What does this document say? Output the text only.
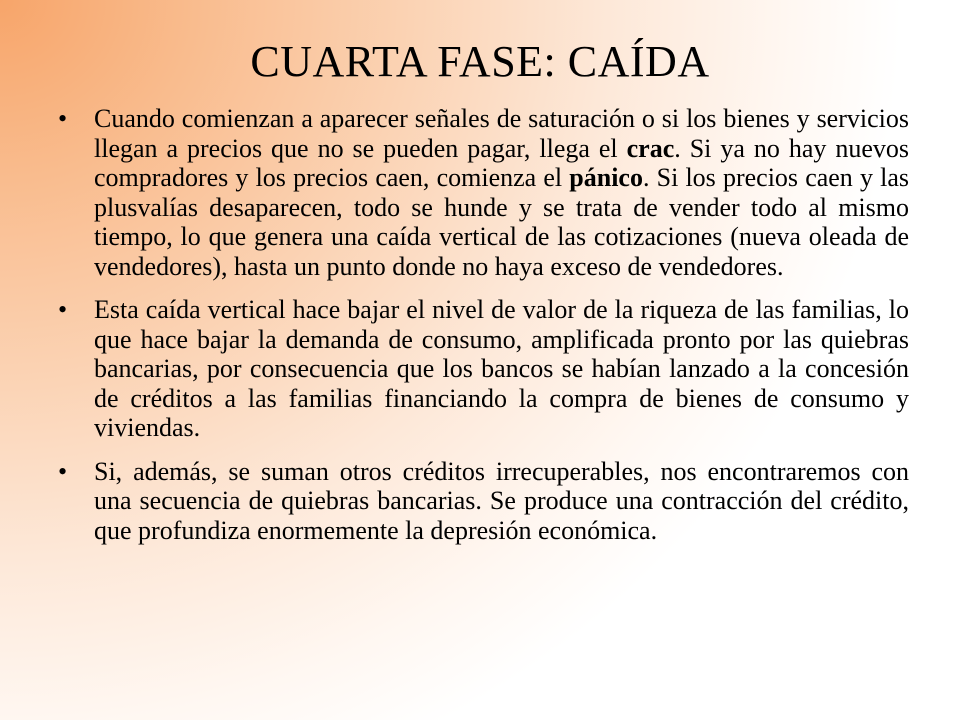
CUARTA FASE: CAÍDA
•	Cuando comienzan a aparecer señales de saturación o si los bienes y servicios llegan a precios que no se pueden pagar, llega el crac. Si ya no hay nuevos compradores y los precios caen, comienza el pánico. Si los precios caen y las plusvalías desaparecen, todo se hunde y se trata de vender todo al mismo tiempo, lo que genera una caída vertical de las cotizaciones (nueva oleada de vendedores), hasta un punto donde no haya exceso de vendedores.
•	Esta caída vertical hace bajar el nivel de valor de la riqueza de las familias, lo que hace bajar la demanda de consumo, amplificada pronto por las quiebras bancarias, por consecuencia que los bancos se habían lanzado a la concesión de créditos a las familias financiando la compra de bienes de consumo y viviendas.
•	Si, además, se suman otros créditos irrecuperables, nos encontraremos con una secuencia de quiebras bancarias. Se produce una contracción del crédito, que profundiza enormemente la depresión económica.
